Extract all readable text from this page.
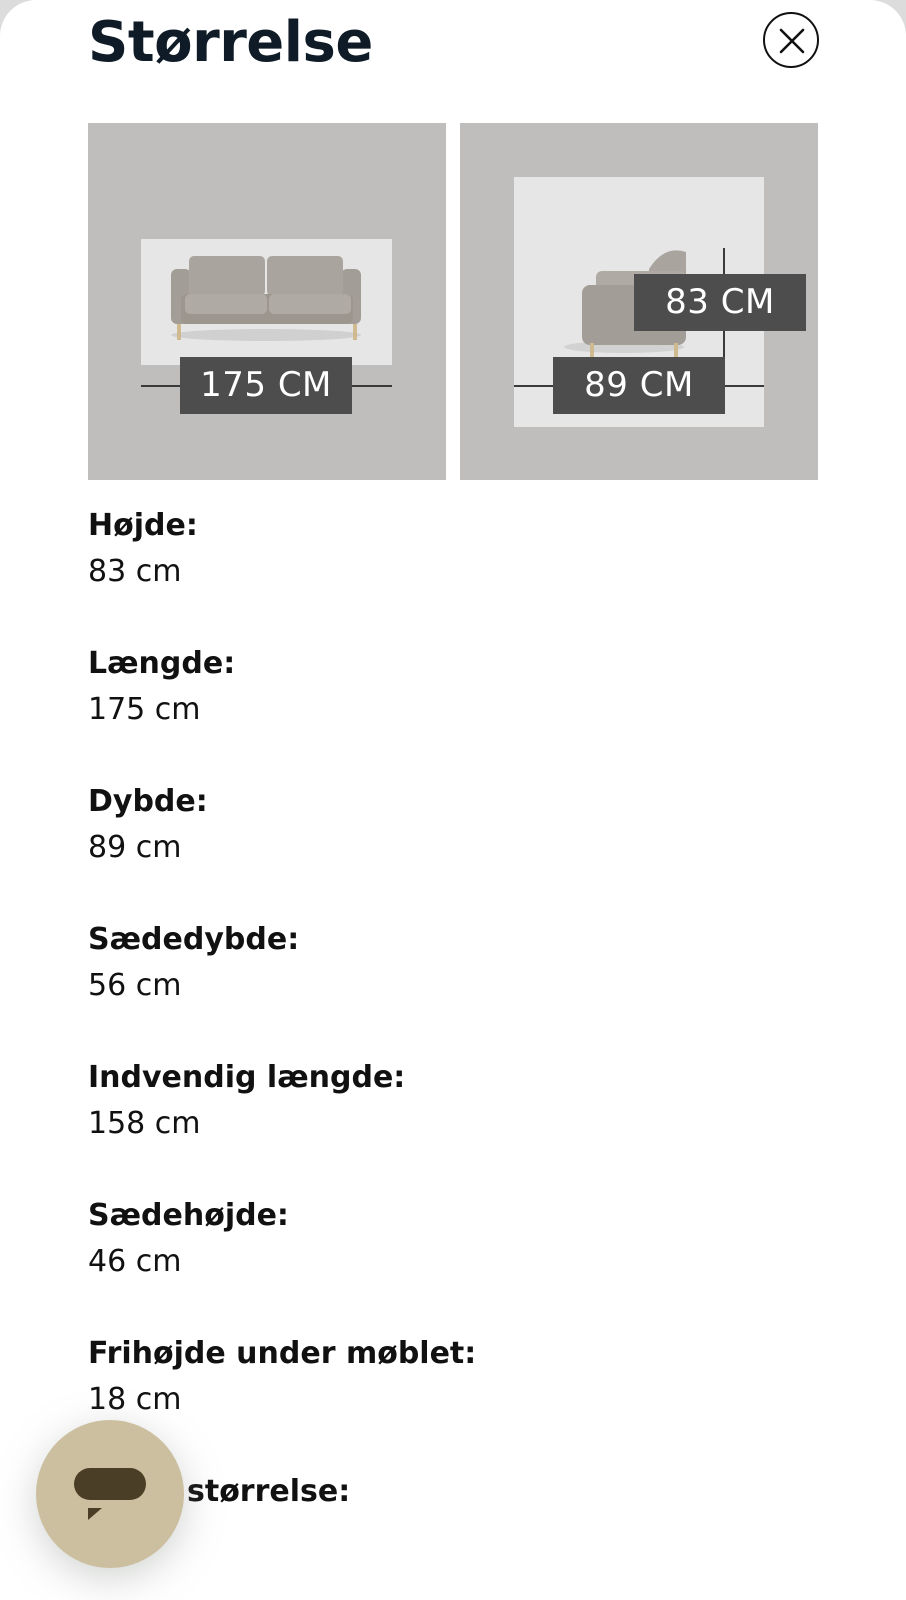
Størrelse
175 CM
83 CM
89 CM
Højde:
83 cm
Længde:
175 cm
Dybde:
89 cm
Sædedybde:
56 cm
Indvendig længde:
158 cm
Sædehøjde:
46 cm
Frihøjde under møblet:
18 cm
størrelse:
